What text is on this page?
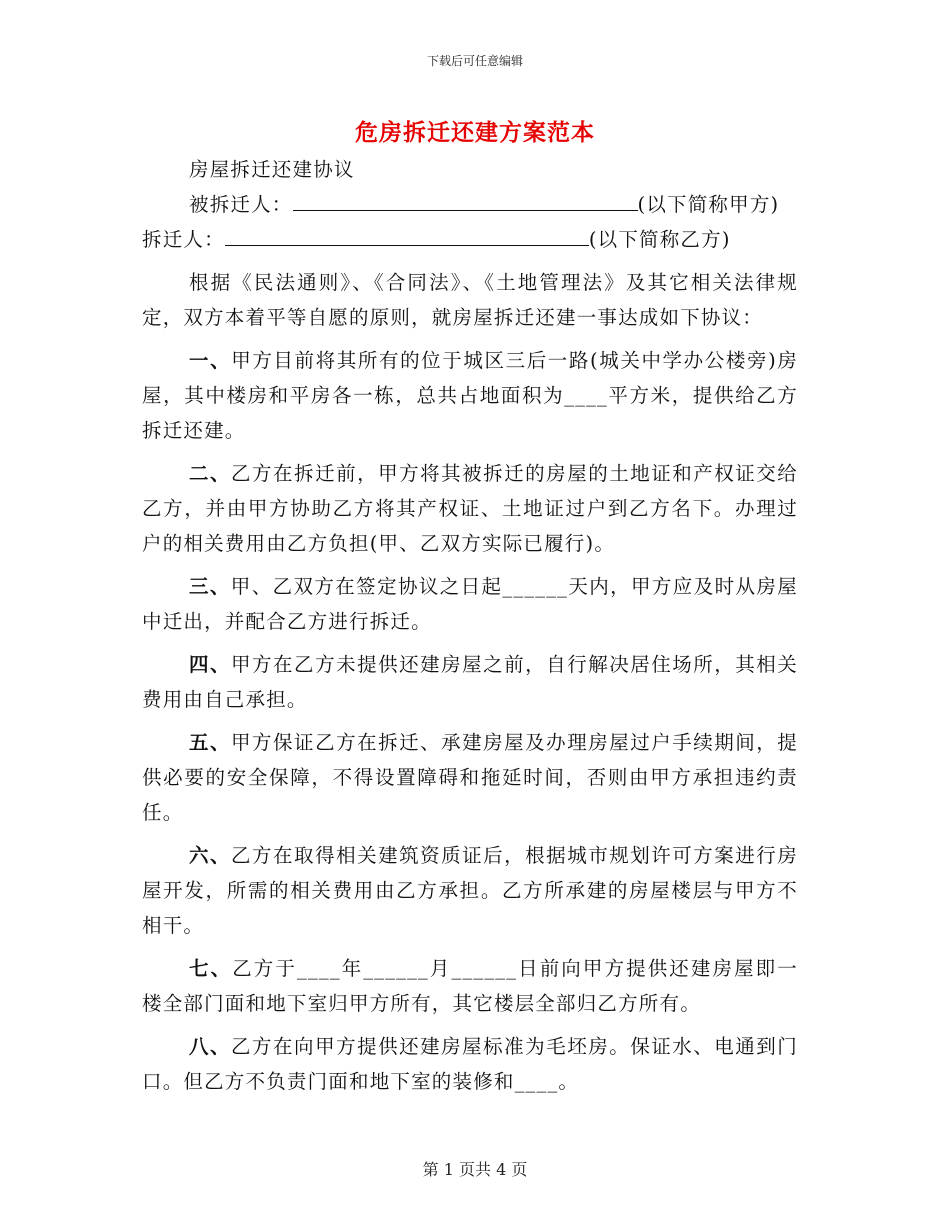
下载后可任意编辑
危房拆迁还建方案范本
房屋拆迁还建协议
被拆迁人：	(以下简称甲方)
拆迁人：	(以下简称乙方)
根据《民法通则》、《合同法》、《土地管理法》及其它相关法律规定，双方本着平等自愿的原则，就房屋拆迁还建一事达成如下协议：
一、甲方目前将其所有的位于城区三后一路(城关中学办公楼旁)房屋，其中楼房和平房各一栋，总共占地面积为____平方米，提供给乙方拆迁还建。
二、乙方在拆迁前，甲方将其被拆迁的房屋的土地证和产权证交给乙方，并由甲方协助乙方将其产权证、土地证过户到乙方名下。办理过户的相关费用由乙方负担(甲、乙双方实际已履行)。
三、甲、乙双方在签定协议之日起______天内，甲方应及时从房屋中迁出，并配合乙方进行拆迁。
四、甲方在乙方未提供还建房屋之前，自行解决居住场所，其相关费用由自己承担。
五、甲方保证乙方在拆迁、承建房屋及办理房屋过户手续期间，提供必要的安全保障，不得设置障碍和拖延时间，否则由甲方承担违约责任。
六、乙方在取得相关建筑资质证后，根据城市规划许可方案进行房屋开发，所需的相关费用由乙方承担。乙方所承建的房屋楼层与甲方不相干。
七、乙方于____年______月______日前向甲方提供还建房屋即一楼全部门面和地下室归甲方所有，其它楼层全部归乙方所有。
八、乙方在向甲方提供还建房屋标准为毛坯房。保证水、电通到门口。但乙方不负责门面和地下室的装修和____。
第 1 页共 4 页
